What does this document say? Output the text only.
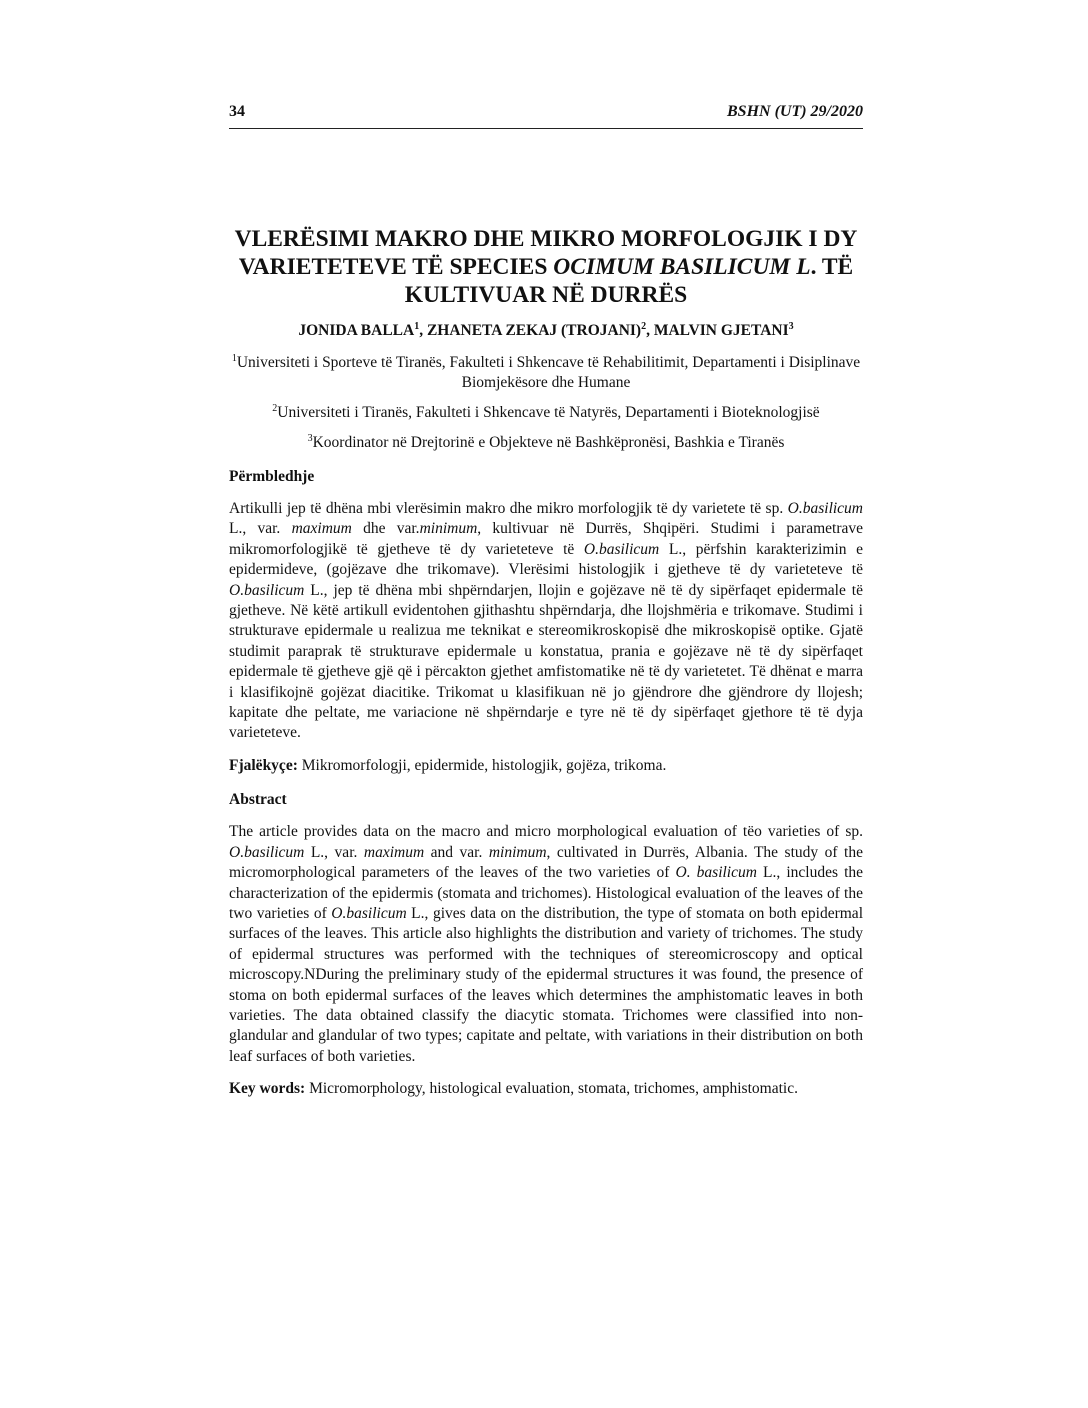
34	BSHN (UT) 29/2020
VLERËSIMI MAKRO DHE MIKRO MORFOLOGJIK I DY VARIETETEVE TË SPECIES OCIMUM BASILICUM L. TË KULTIVUAR NË DURRËS
JONIDA BALLA$^1$, ZHANETA ZEKAJ (TROJANI)$^2$, MALVIN GJETANI$^3$
$^1$Universiteti i Sporteve të Tiranës, Fakulteti i Shkencave të Rehabilitimit, Departamenti i Disiplinave Biomjekësore dhe Humane
$^2$Universiteti i Tiranës, Fakulteti i Shkencave të Natyrës, Departamenti i Bioteknologjisë
$^3$Koordinator në Drejtorinë e Objekteve në Bashkëpronësi, Bashkia e Tiranës
Përmbledhje
Artikulli jep të dhëna mbi vlerësimin makro dhe mikro morfologjik të dy varietete të sp. O.basilicum L., var. maximum dhe var.minimum, kultivuar në Durrës, Shqipëri. Studimi i parametrave mikromorfologjikë të gjetheve të dy varieteteve të O.basilicum L., përfshin karakterizimin e epidermideve, (gojëzave dhe trikomave). Vlerësimi histologjik i gjetheve të dy varieteteve të O.basilicum L., jep të dhëna mbi shpërndarjen, llojin e gojëzave në të dy sipërfaqet epidermale të gjetheve. Në këtë artikull evidentohen gjithashtu shpërndarja, dhe llojshmëria e trikomave. Studimi i strukturave epidermale u realizua me teknikat e stereomikroskopisë dhe mikroskopisë optike. Gjatë studimit paraprak të strukturave epidermale u konstatua, prania e gojëzave në të dy sipërfaqet epidermale të gjetheve gjë që i përcakton gjethet amfistomatike në të dy varietetet. Të dhënat e marra i klasifikojnë gojëzat diacitike. Trikomat u klasifikuan në jo gjëndrore dhe gjëndrore dy llojesh; kapitate dhe peltate, me variacione në shpërndarje e tyre në të dy sipërfaqet gjethore të të dyja varieteteve.
Fjalëkyçe: Mikromorfologji, epidermide, histologjik, gojëza, trikoma.
Abstract
The article provides data on the macro and micro morphological evaluation of tëo varieties of sp. O.basilicum L., var. maximum and var. minimum, cultivated in Durrës, Albania. The study of the micromorphological parameters of the leaves of the two varieties of O. basilicum L., includes the characterization of the epidermis (stomata and trichomes). Histological evaluation of the leaves of the two varieties of O.basilicum L., gives data on the distribution, the type of stomata on both epidermal surfaces of the leaves. This article also highlights the distribution and variety of trichomes. The study of epidermal structures was performed with the techniques of stereomicroscopy and optical microscopy.NDuring the preliminary study of the epidermal structures it was found, the presence of stoma on both epidermal surfaces of the leaves which determines the amphistomatic leaves in both varieties. The data obtained classify the diacytic stomata. Trichomes were classified into non-glandular and glandular of two types; capitate and peltate, with variations in their distribution on both leaf surfaces of both varieties.
Key words: Micromorphology, histological evaluation, stomata, trichomes, amphistomatic.
